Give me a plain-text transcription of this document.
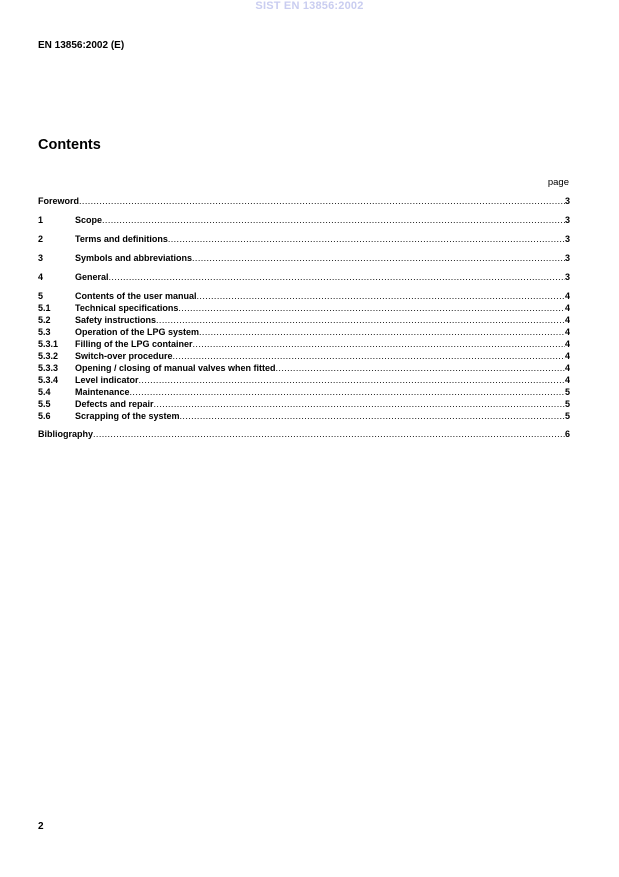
SIST EN 13856:2002
EN 13856:2002 (E)
Contents
page
Foreword .....	3
1	Scope .....	3
2	Terms and definitions .....	3
3	Symbols and abbreviations .....	3
4	General .....	3
5	Contents of the user manual .....	4
5.1	Technical specifications .....	4
5.2	Safety instructions .....	4
5.3	Operation of the LPG system .....	4
5.3.1	Filling of the LPG container .....	4
5.3.2	Switch-over procedure .....	4
5.3.3	Opening / closing of manual valves when fitted .....	4
5.3.4	Level indicator .....	4
5.4	Maintenance .....	5
5.5	Defects and repair .....	5
5.6	Scrapping of the system .....	5
Bibliography .....	6
2
